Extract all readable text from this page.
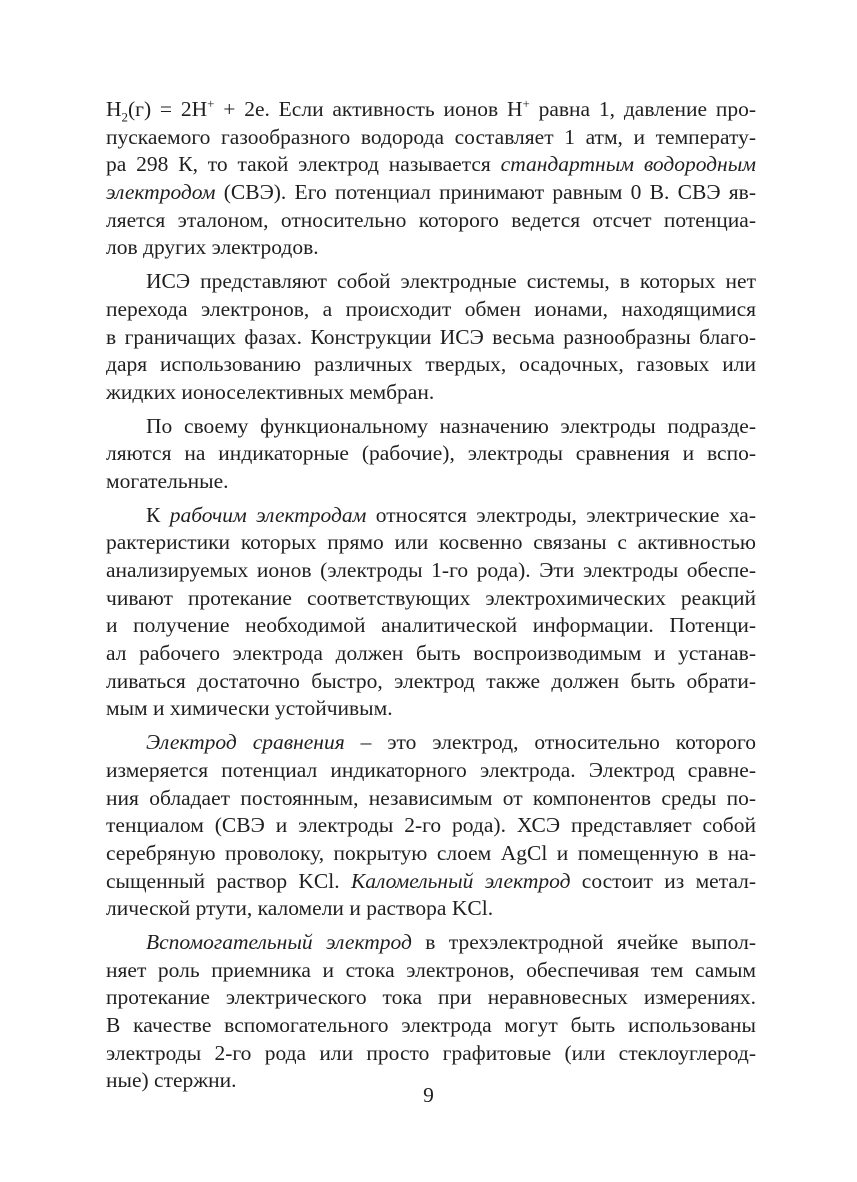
$H_2(г) = 2H^+ + 2e$. Если активность ионов H+ равна 1, давление про-
пускаемого газообразного водорода составляет 1 атм, и температу-
ра 298 К, то такой электрод называется стандартным водородным
электродом (СВЭ). Его потенциал принимают равным 0 В. СВЭ яв-
ляется эталоном, относительно которого ведется отсчет потенциа-
лов других электродов.
ИСЭ представляют собой электродные системы, в которых нет
перехода электронов, а происходит обмен ионами, находящимися
в граничащих фазах. Конструкции ИСЭ весьма разнообразны благо-
даря использованию различных твердых, осадочных, газовых или
жидких ионоселективных мембран.
По своему функциональному назначению электроды подразде-
ляются на индикаторные (рабочие), электроды сравнения и вспо-
могательные.
К рабочим электродам относятся электроды, электрические ха-
рактеристики которых прямо или косвенно связаны с активностью
анализируемых ионов (электроды 1-го рода). Эти электроды обеспе-
чивают протекание соответствующих электрохимических реакций
и получение необходимой аналитической информации. Потенци-
ал рабочего электрода должен быть воспроизводимым и устанав-
ливаться достаточно быстро, электрод также должен быть обрати-
мым и химически устойчивым.
Электрод сравнения – это электрод, относительно которого
измеряется потенциал индикаторного электрода. Электрод сравне-
ния обладает постоянным, независимым от компонентов среды по-
тенциалом (СВЭ и электроды 2-го рода). ХСЭ представляет собой
серебряную проволоку, покрытую слоем AgCl и помещенную в на-
сыщенный раствор KCl. Каломельный электрод состоит из метал-
лической ртути, каломели и раствора KCl.
Вспомогательный электрод в трехэлектродной ячейке выпол-
няет роль приемника и стока электронов, обеспечивая тем самым
протекание электрического тока при неравновесных измерениях.
В качестве вспомогательного электрода могут быть использованы
электроды 2-го рода или просто графитовые (или стеклоуглерод-
ные) стержни.
9
